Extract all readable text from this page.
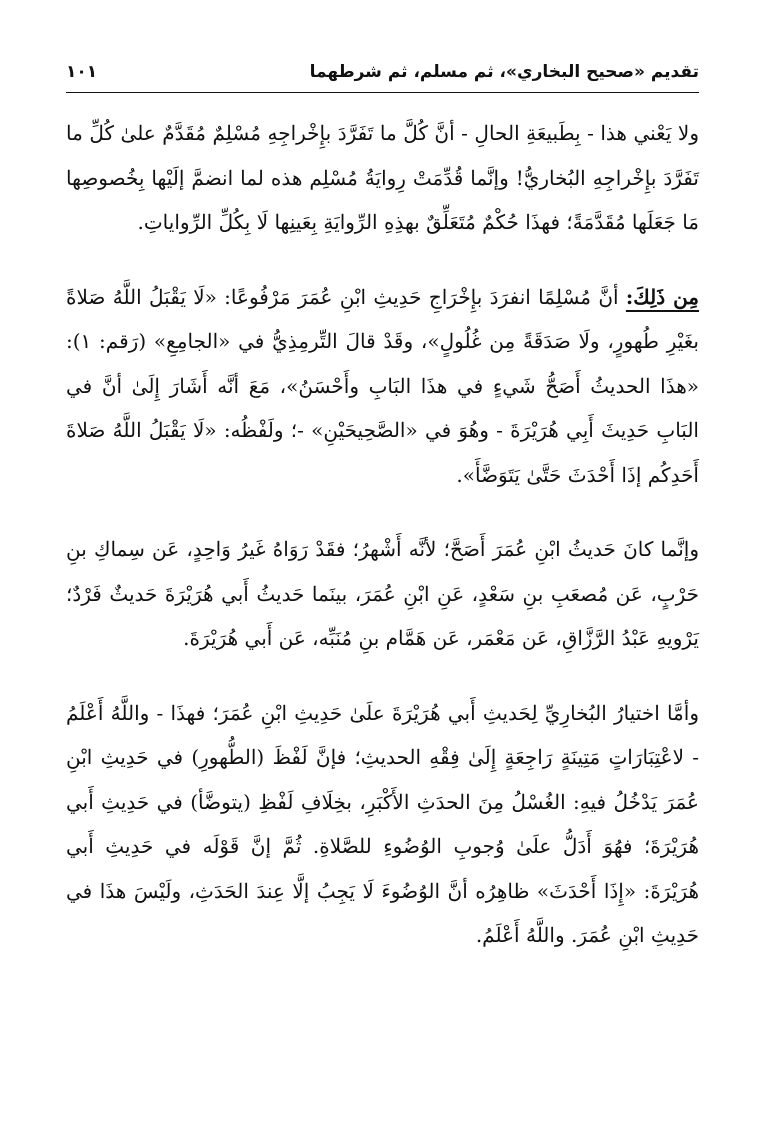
تقديم «صحيح البخاري»، ثم مسلم، ثم شرطهما
١٠١

ولا يَعْني هذا - بِطَبيعَةِ الحالِ - أنَّ كُلَّ ما تَفَرَّدَ بإِخْراجِهِ مُسْلِمٌ مُقَدَّمٌ علىٰ كُلِّ ما تَفَرَّدَ بإِخْراجِهِ البُخاريُّ! وإنَّما قُدِّمَتْ رِوايَةُ مُسْلِم هذه لما انضمَّ إلَيْها بِخُصوصِها مَا جَعَلَها مُقَدَّمَةً؛ فهذَا حُكْمٌ مُتَعَلِّقٌ بهذِهِ الرِّوايَةِ بِعَينِها لَا بِكُلِّ الرِّواياتِ.

مِن ذَلِكَ: أنَّ مُسْلِمًا انفرَدَ بإِخْرَاجِ حَدِيثِ ابْنِ عُمَرَ مَرْفُوعًا: «لَا يَقْبَلُ اللَّهُ صَلاةً بغَيْرِ طُهورٍ، ولَا صَدَقَةً مِن غُلُولٍ»، وقَدْ قالَ التِّرمِذِيُّ في «الجامِعِ» (رَقم: ١): «هذَا الحديثُ أَصَحُّ شَيءٍ في هذَا البَابِ وأَحْسَنُ»، مَعَ أنَّه أَشَارَ إِلَىٰ أنَّ في البَابِ حَدِيثَ أَبِي هُرَيْرَةَ - وهُوَ في «الصَّحِيحَيْنِ» -؛ ولَفْظُه: «لَا يَقْبَلُ اللَّهُ صَلاةَ أَحَدِكُم إذَا أَحْدَثَ حَتَّىٰ يَتَوَضَّأَ».

وإنَّما كانَ حَديثُ ابْنِ عُمَرَ أَصَحَّ؛ لأنَّه أَشْهرُ؛ فقَدْ رَوَاهُ غَيرُ وَاحِدٍ، عَن سِماكِ بنِ حَرْبٍ، عَن مُصعَبِ بنِ سَعْدٍ، عَنِ ابْنِ عُمَرَ، بينَما حَديثُ أَبي هُرَيْرَةَ حَديثٌ فَرْدٌ؛ يَرْويهِ عَبْدُ الرَّزَّاقِ، عَن مَعْمَر، عَن هَمَّام بنِ مُنَبِّه، عَن أَبي هُرَيْرَةَ.

وأمَّا اختيارُ البُخارِيِّ لِحَديثِ أَبي هُرَيْرَةَ علَىٰ حَدِيثِ ابْنِ عُمَرَ؛ فهذَا - واللَّهُ أَعْلَمُ - لاعْتِبَارَاتٍ مَتِينَةٍ رَاجِعَةٍ إِلَىٰ فِقْهِ الحديثِ؛ فإنَّ لَفْظَ (الطُّهورِ) في حَدِيثِ ابْنِ عُمَرَ يَدْخُلُ فيهِ: الغُسْلُ مِنَ الحدَثِ الأَكْبَرِ، بخِلَافِ لَفْظِ (يتوضَّأ) في حَدِيثِ أَبي هُرَيْرَةَ؛ فهُوَ أَدَلُّ علَىٰ وُجوبِ الوُضُوءِ للصَّلاةِ. ثُمَّ إنَّ قَوْلَه في حَدِيثِ أَبي هُرَيْرَةَ: «إِذَا أَحْدَثَ» ظاهِرُه أنَّ الوُضُوءَ لَا يَجِبُ إلَّا عِندَ الحَدَثِ، ولَيْسَ هذَا في حَدِيثِ ابْنِ عُمَرَ. واللَّهُ أَعْلَمُ.
